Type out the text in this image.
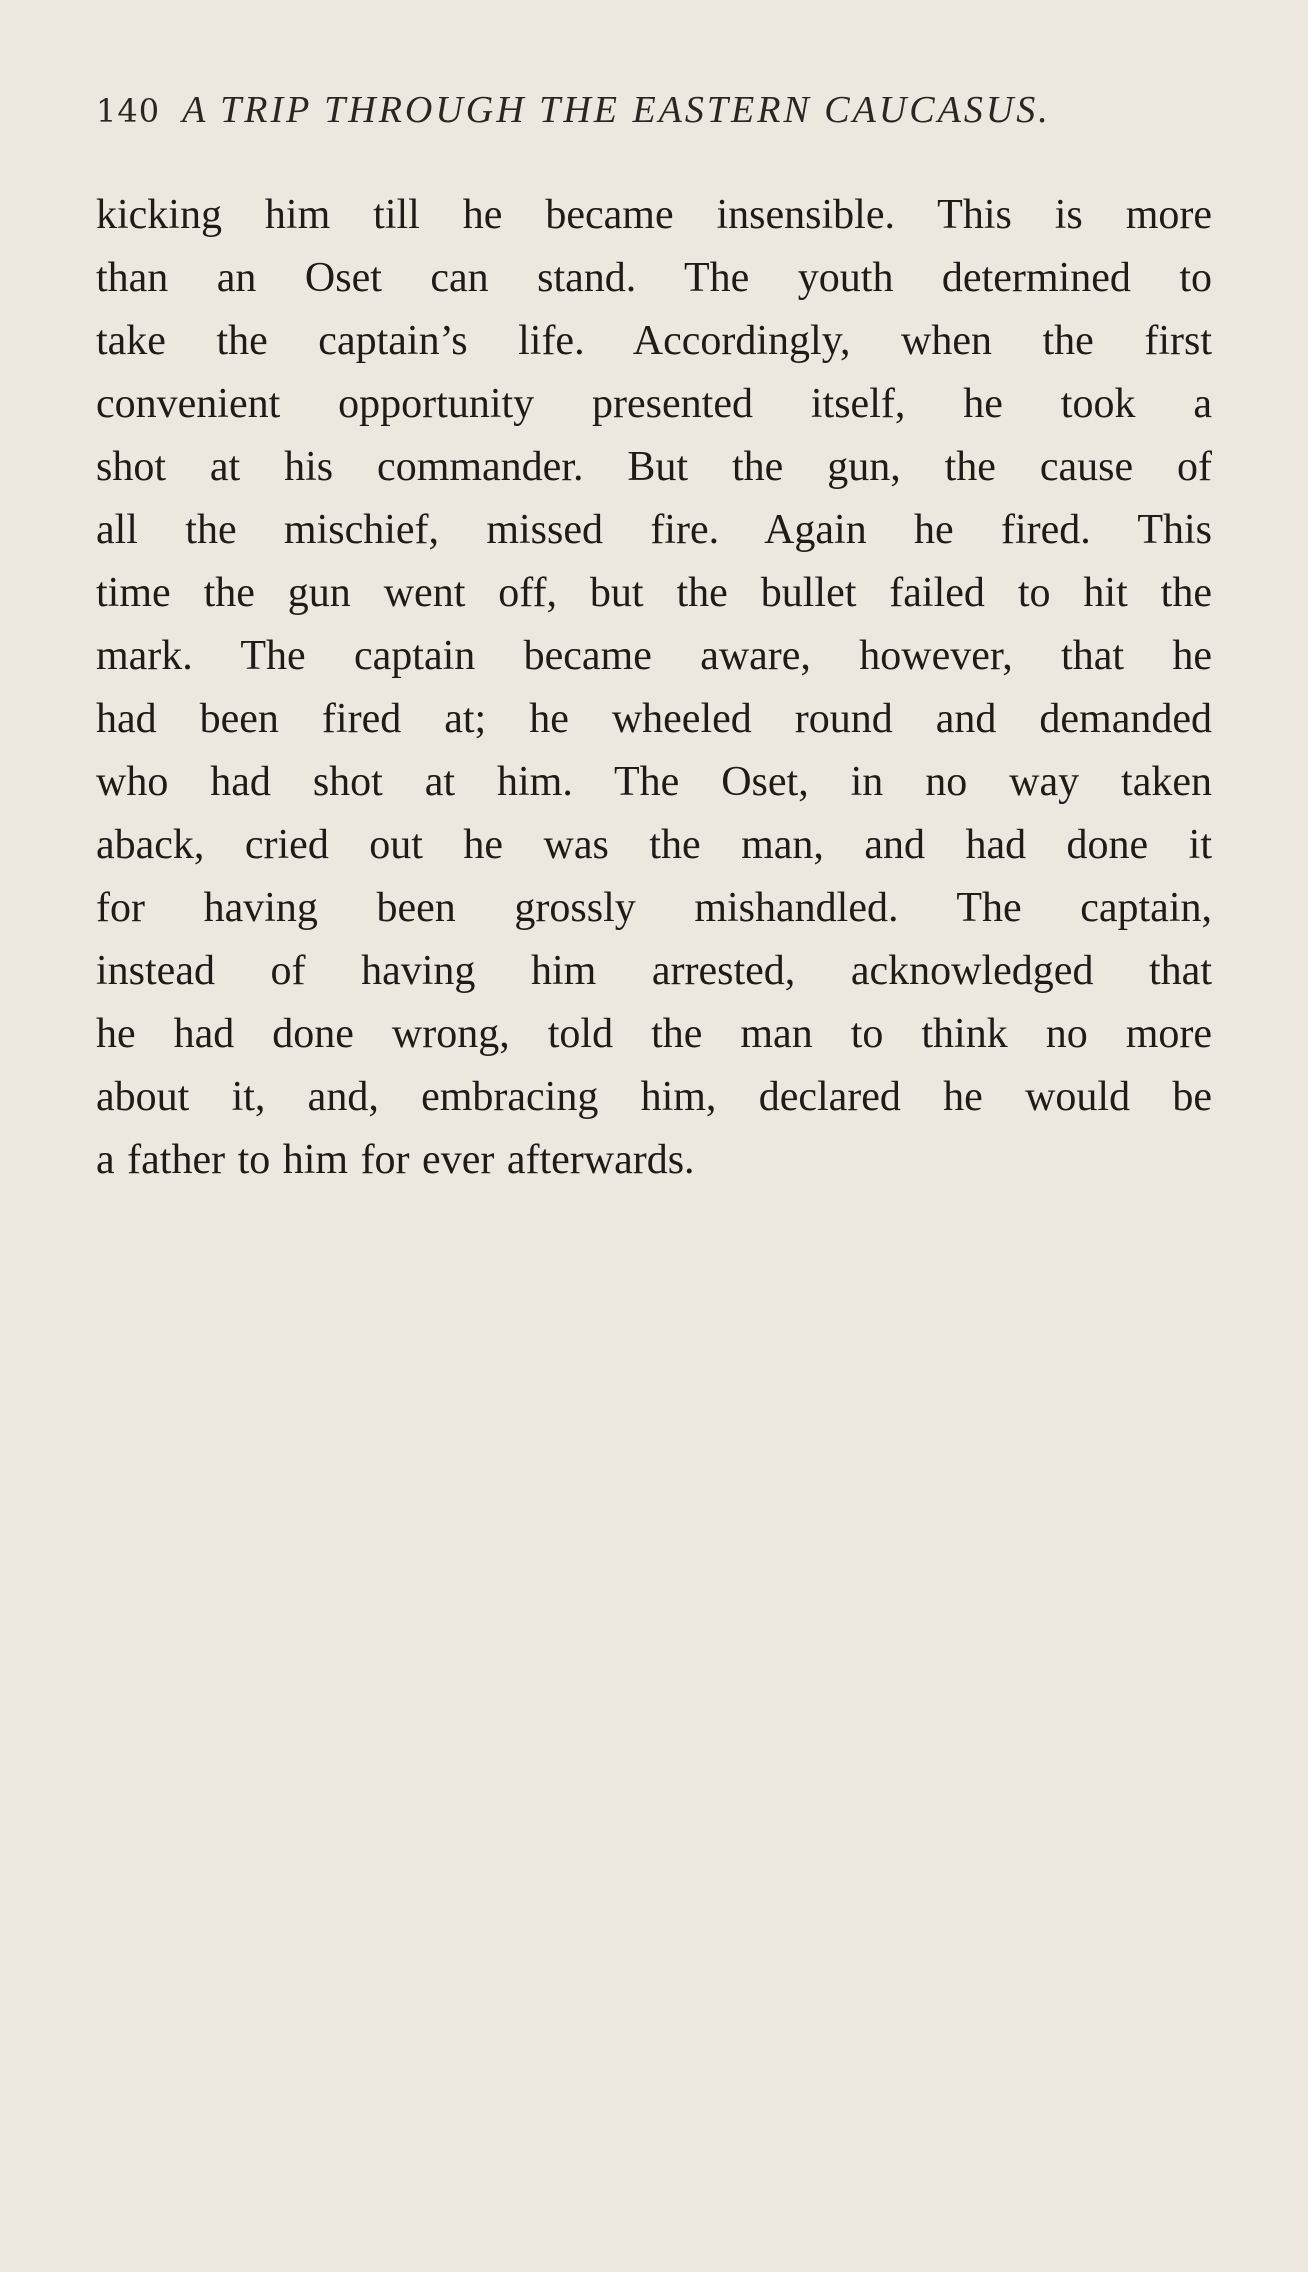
140 A TRIP THROUGH THE EASTERN CAUCASUS.
kicking him till he became insensible. This is more
than an Oset can stand. The youth determined to
take the captain’s life. Accordingly, when the first
convenient opportunity presented itself, he took a
shot at his commander. But the gun, the cause of
all the mischief, missed fire. Again he fired. This
time the gun went off, but the bullet failed to hit the
mark. The captain became aware, however, that he
had been fired at; he wheeled round and demanded
who had shot at him. The Oset, in no way taken
aback, cried out he was the man, and had done it
for having been grossly mishandled. The captain,
instead of having him arrested, acknowledged that
he had done wrong, told the man to think no more
about it, and, embracing him, declared he would be
a father to him for ever afterwards.
